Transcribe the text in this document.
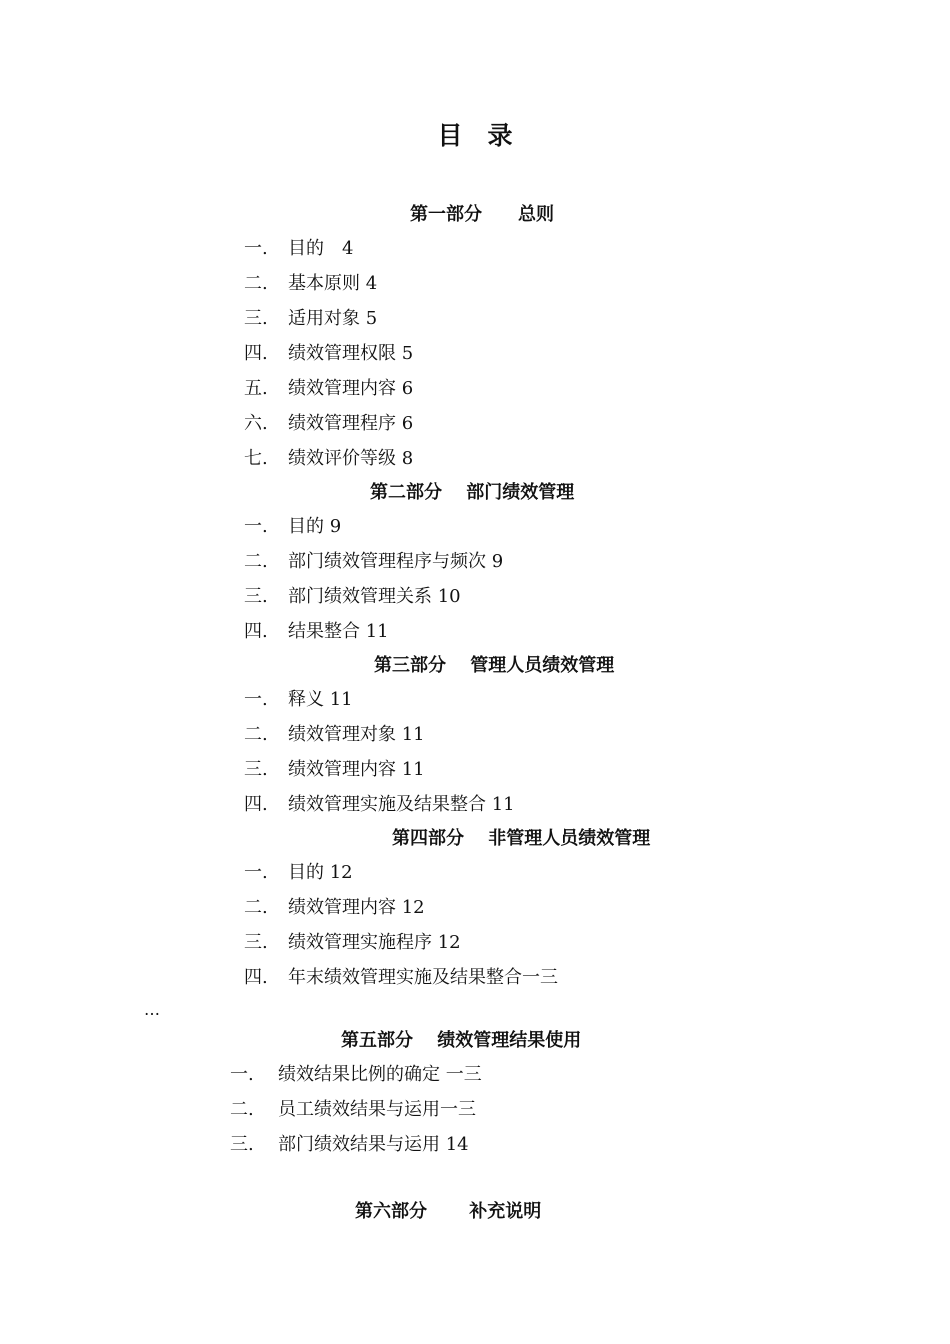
目　录
第一部分　　总则
一. 目的　4
二. 基本原则 4
三. 适用对象 5
四. 绩效管理权限 5
五. 绩效管理内容 6
六. 绩效管理程序 6
七. 绩效评价等级 8
第二部分　 部门绩效管理
一. 目的 9
二. 部门绩效管理程序与频次 9
三. 部门绩效管理关系 10
四. 结果整合 11
第三部分　 管理人员绩效管理
一. 释义 11
二. 绩效管理对象 11
三. 绩效管理内容 11
四. 绩效管理实施及结果整合 11
第四部分　 非管理人员绩效管理
一. 目的 12
二. 绩效管理内容 12
三. 绩效管理实施程序 12
四. 年末绩效管理实施及结果整合一三
…
第五部分　 绩效管理结果使用
一. 绩效结果比例的确定 一三
二. 员工绩效结果与运用一三
三. 部门绩效结果与运用 14
第六部分　　 补充说明
